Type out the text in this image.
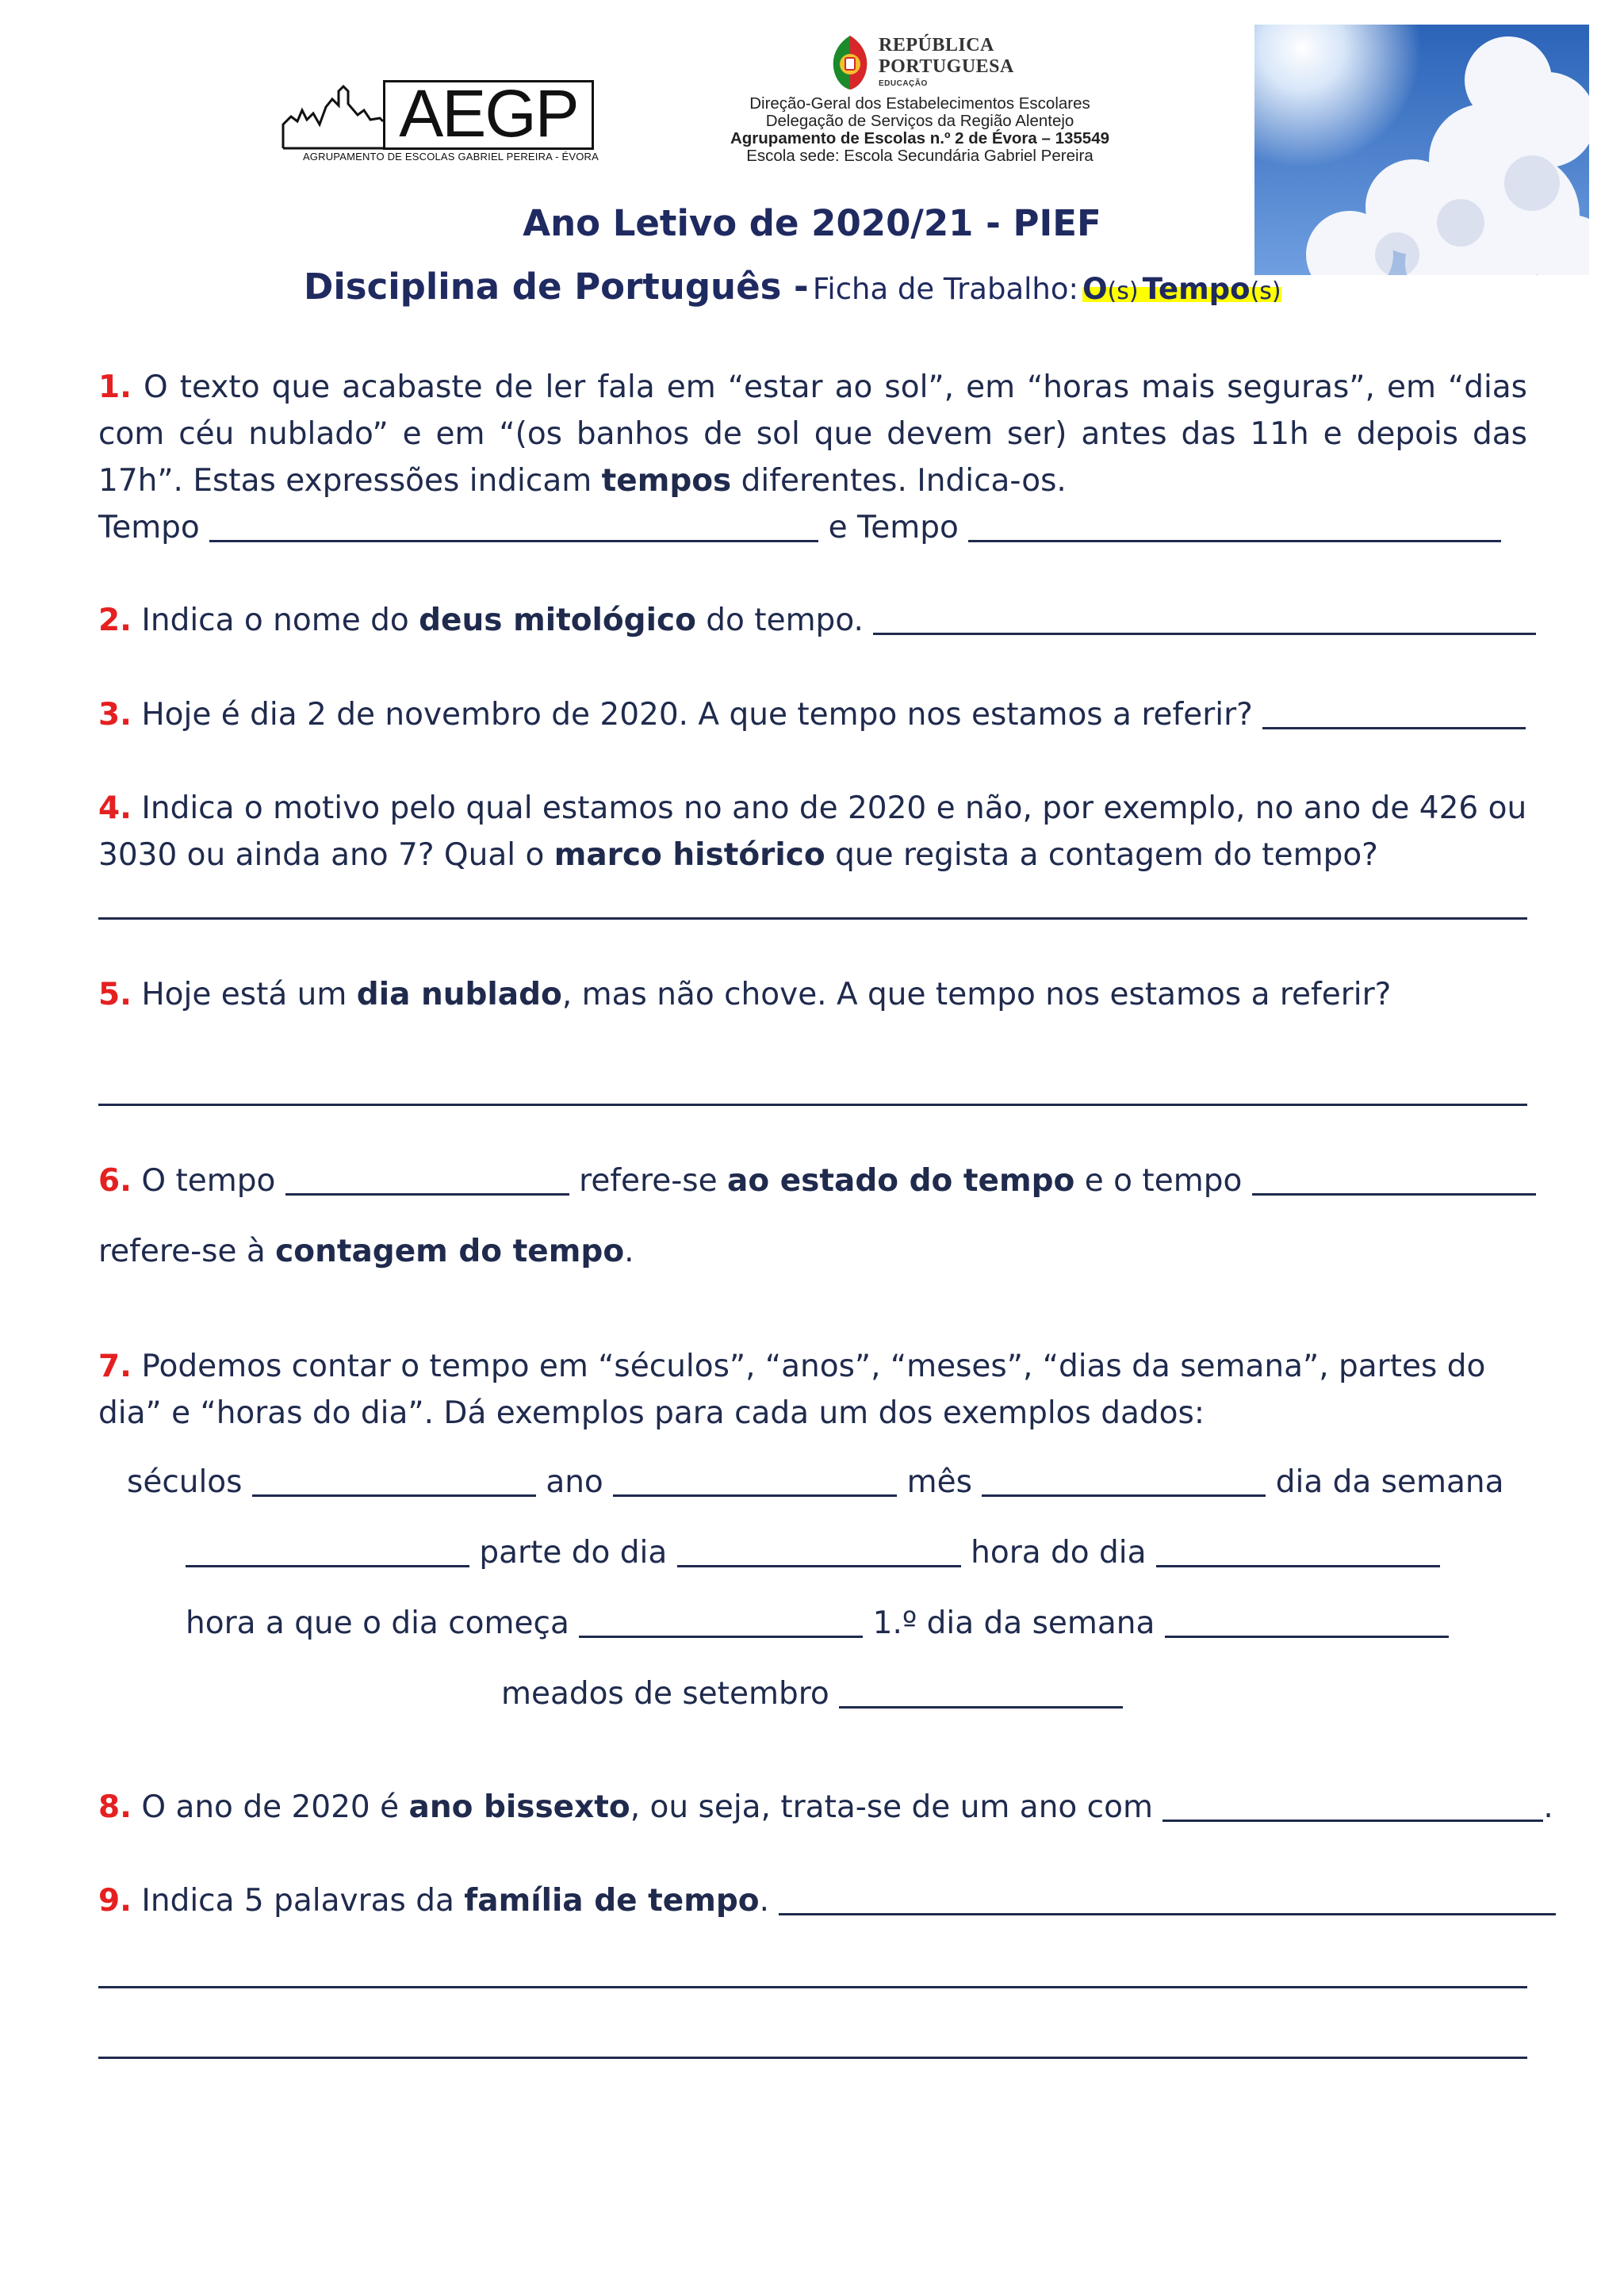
AEGP
AGRUPAMENTO DE ESCOLAS GABRIEL PEREIRA - ÉVORA
REPÚBLICA
PORTUGUESA
EDUCAÇÃO
Direção-Geral dos Estabelecimentos Escolares
Delegação de Serviços da Região Alentejo
Agrupamento de Escolas n.º 2 de Évora – 135549
Escola sede: Escola Secundária Gabriel Pereira
Ano Letivo de 2020/21 - PIEF
Disciplina de Português - Ficha de Trabalho: O(s) Tempo(s)
1. O texto que acabaste de ler fala em “estar ao sol”, em “horas mais seguras”, em “dias com céu nublado” e em “(os banhos de sol que devem ser) antes das 11h e depois das 17h”. Estas expressões indicam tempos diferentes. Indica-os.
Tempo	e Tempo
2. Indica o nome do deus mitológico do tempo.
3. Hoje é dia 2 de novembro de 2020. A que tempo nos estamos a referir?
4. Indica o motivo pelo qual estamos no ano de 2020 e não, por exemplo, no ano de 426 ou
3030 ou ainda ano 7? Qual o marco histórico que regista a contagem do tempo?
5. Hoje está um dia nublado, mas não chove. A que tempo nos estamos a referir?
6. O tempo	refere-se ao estado do tempo e o tempo
refere-se à contagem do tempo.
7. Podemos contar o tempo em “séculos”, “anos”, “meses”, “dias da semana”, partes do
dia” e “horas do dia”. Dá exemplos para cada um dos exemplos dados:
séculos	ano	mês	dia da semana
parte do dia	hora do dia
hora a que o dia começa	1.º dia da semana
meados de setembro
8. O ano de 2020 é ano bissexto, ou seja, trata-se de um ano com	.
9. Indica 5 palavras da família de tempo.
